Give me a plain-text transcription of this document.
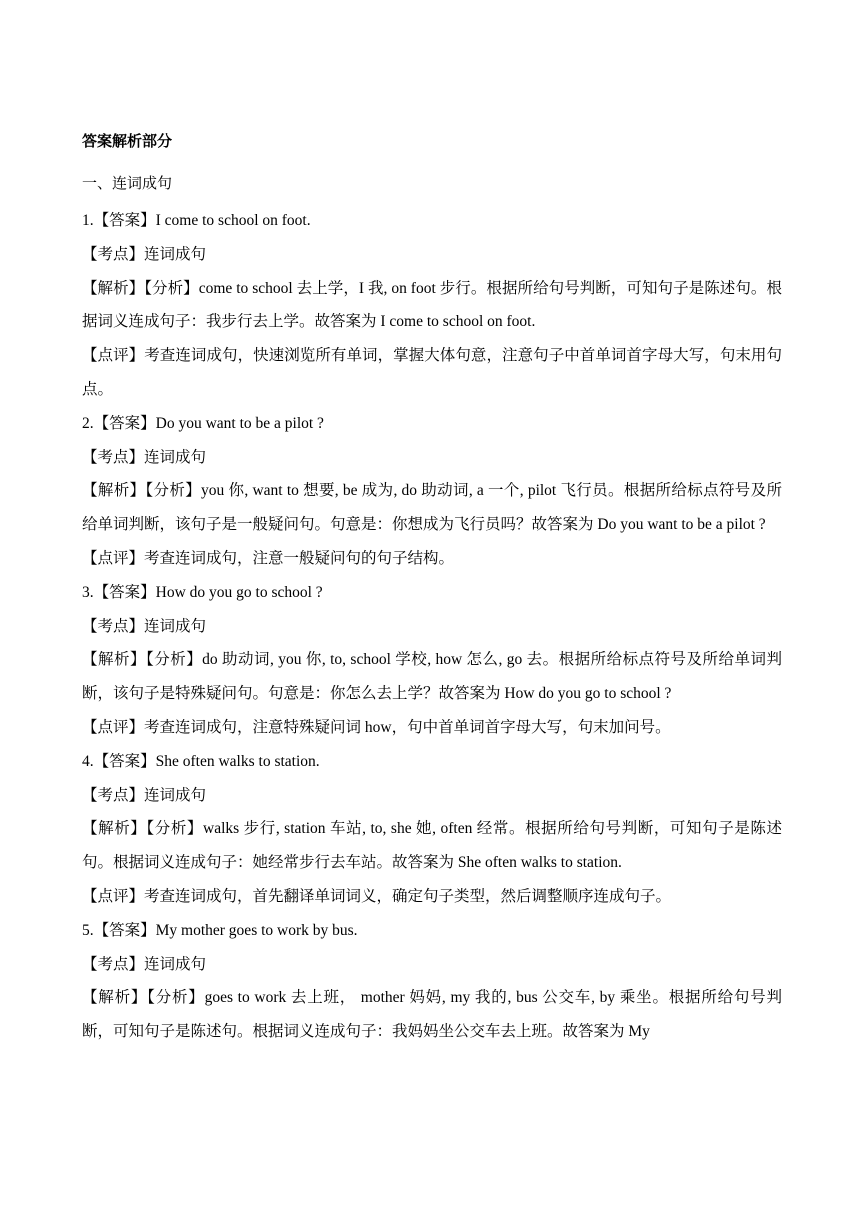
答案解析部分
一、连词成句
1.【答案】I come to school on foot.
【考点】连词成句
【解析】【分析】come to school 去上学，I 我, on foot 步行。根据所给句号判断，可知句子是陈述句。根据词义连成句子：我步行去上学。故答案为 I come to school on foot.
【点评】考查连词成句，快速浏览所有单词，掌握大体句意，注意句子中首单词首字母大写，句末用句点。
2.【答案】Do you want to be a pilot ?
【考点】连词成句
【解析】【分析】you 你, want to 想要, be 成为, do 助动词, a 一个, pilot 飞行员。根据所给标点符号及所给单词判断，该句子是一般疑问句。句意是：你想成为飞行员吗？故答案为 Do you want to be a pilot ?
【点评】考查连词成句，注意一般疑问句的句子结构。
3.【答案】How do you go to school ?
【考点】连词成句
【解析】【分析】do 助动词, you 你, to, school 学校, how 怎么, go 去。根据所给标点符号及所给单词判断，该句子是特殊疑问句。句意是：你怎么去上学？故答案为 How do you go to school ?
【点评】考查连词成句，注意特殊疑问词 how，句中首单词首字母大写，句末加问号。
4.【答案】She often walks to station.
【考点】连词成句
【解析】【分析】walks 步行, station 车站, to, she 她, often 经常。根据所给句号判断，可知句子是陈述句。根据词义连成句子：她经常步行去车站。故答案为 She often walks to station.
【点评】考查连词成句，首先翻译单词词义，确定句子类型，然后调整顺序连成句子。
5.【答案】My mother goes to work by bus.
【考点】连词成句
【解析】【分析】goes to work 去上班， mother 妈妈, my 我的, bus 公交车, by 乘坐。根据所给句号判断，可知句子是陈述句。根据词义连成句子：我妈妈坐公交车去上班。故答案为 My
